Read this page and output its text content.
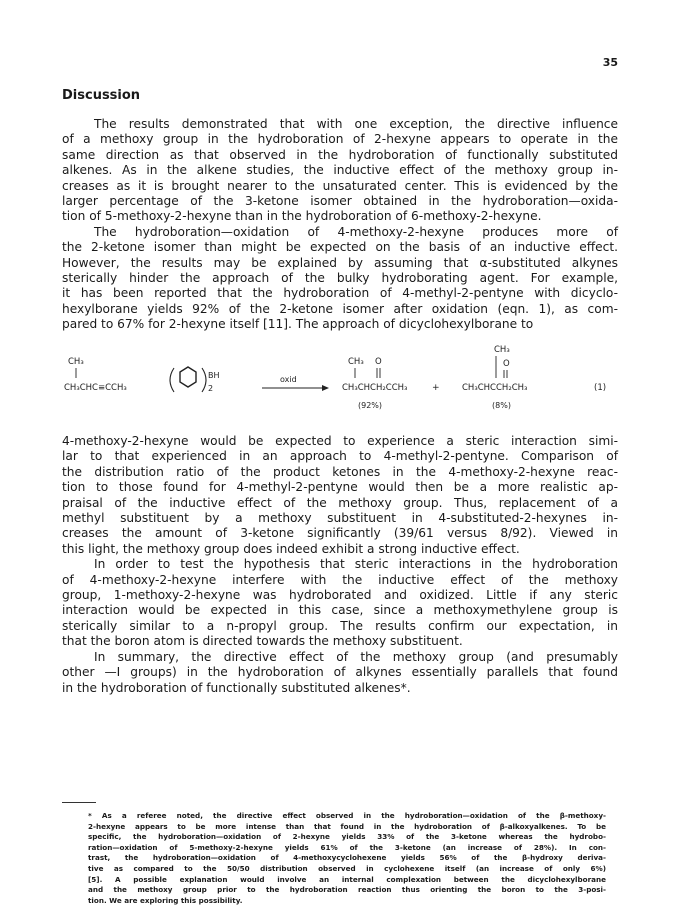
35
Discussion
The results demonstrated that with one exception, the directive influence
of a methoxy group in the hydroboration of 2-hexyne appears to operate in the
same direction as that observed in the hydroboration of functionally substituted
alkenes. As in the alkene studies, the inductive effect of the methoxy group in-
creases as it is brought nearer to the unsaturated center. This is evidenced by the
larger percentage of the 3-ketone isomer obtained in the hydroboration—oxida-
tion of 5-methoxy-2-hexyne than in the hydroboration of 6-methoxy-2-hexyne.
The hydroboration—oxidation of 4-methoxy-2-hexyne produces more of
the 2-ketone isomer than might be expected on the basis of an inductive effect.
However, the results may be explained by assuming that α-substituted alkynes
sterically hinder the approach of the bulky hydroborating agent. For example,
it has been reported that the hydroboration of 4-methyl-2-pentyne with dicyclo-
hexylborane yields 92% of the 2-ketone isomer after oxidation (eqn. 1), as com-
pared to 67% for 2-hexyne itself [11]. The approach of dicyclohexylborane to
CH₃
CH₃CHC≡CCH₃
BH
2
oxid
CH₃ O
CH₃CHCH₂CCH₃
(92%)
+
CH₃
O
CH₃CHCCH₂CH₃
(8%)
(1)
4-methoxy-2-hexyne would be expected to experience a steric interaction simi-
lar to that experienced in an approach to 4-methyl-2-pentyne. Comparison of
the distribution ratio of the product ketones in the 4-methoxy-2-hexyne reac-
tion to those found for 4-methyl-2-pentyne would then be a more realistic ap-
praisal of the inductive effect of the methoxy group. Thus, replacement of a
methyl substituent by a methoxy substituent in 4-substituted-2-hexynes in-
creases the amount of 3-ketone significantly (39/61 versus 8/92). Viewed in
this light, the methoxy group does indeed exhibit a strong inductive effect.
In order to test the hypothesis that steric interactions in the hydroboration
of 4-methoxy-2-hexyne interfere with the inductive effect of the methoxy
group, 1-methoxy-2-hexyne was hydroborated and oxidized. Little if any steric
interaction would be expected in this case, since a methoxymethylene group is
sterically similar to a n-propyl group. The results confirm our expectation, in
that the boron atom is directed towards the methoxy substituent.
In summary, the directive effect of the methoxy group (and presumably
other —I groups) in the hydroboration of alkynes essentially parallels that found
in the hydroboration of functionally substituted alkenes*.
* As a referee noted, the directive effect observed in the hydroboration—oxidation of the β-methoxy-
2-hexyne appears to be more intense than that found in the hydroboration of β-alkoxyalkenes. To be
specific, the hydroboration—oxidation of 2-hexyne yields 33% of the 3-ketone whereas the hydrobo-
ration—oxidation of 5-methoxy-2-hexyne yields 61% of the 3-ketone (an increase of 28%). In con-
trast, the hydroboration—oxidation of 4-methoxycyclohexene yields 56% of the β-hydroxy deriva-
tive as compared to the 50/50 distribution observed in cyclohexene itself (an increase of only 6%)
[5]. A possible explanation would involve an internal complexation between the dicyclohexylborane
and the methoxy group prior to the hydroboration reaction thus orienting the boron to the 3-posi-
tion. We are exploring this possibility.
